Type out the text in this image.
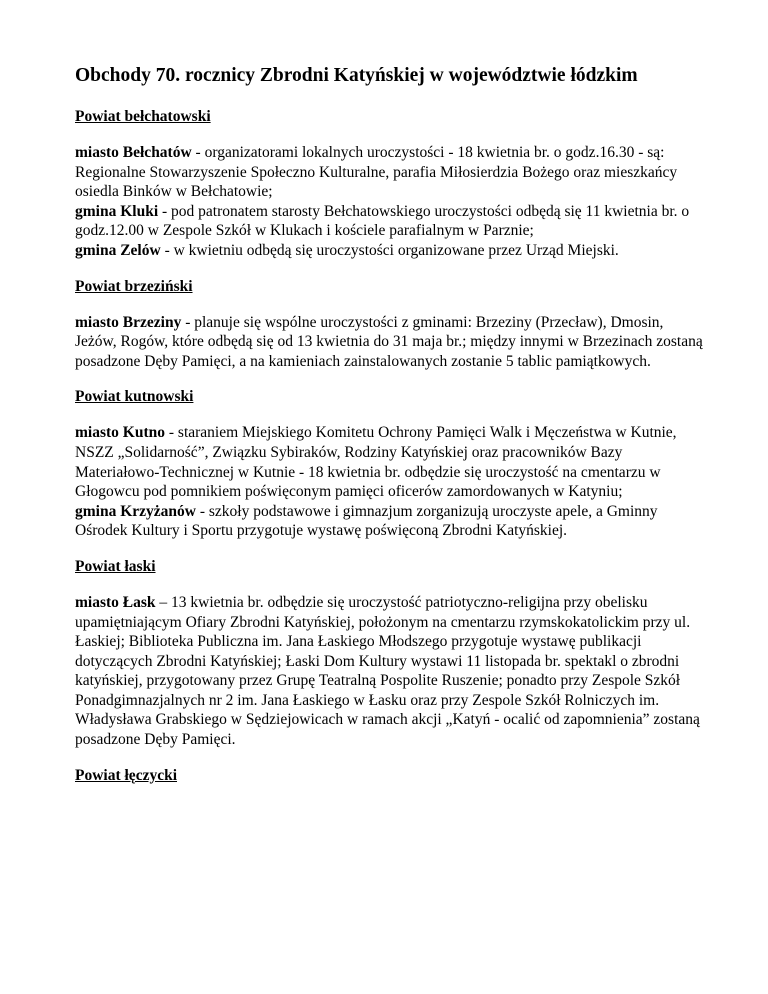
Obchody 70. rocznicy Zbrodni Katyńskiej w województwie łódzkim
Powiat bełchatowski
miasto Bełchatów - organizatorami lokalnych uroczystości - 18 kwietnia br. o godz.16.30 - są: Regionalne Stowarzyszenie Społeczno Kulturalne, parafia Miłosierdzia Bożego oraz mieszkańcy osiedla Binków w Bełchatowie;
gmina Kluki - pod patronatem starosty Bełchatowskiego uroczystości odbędą się 11 kwietnia br. o godz.12.00 w Zespole Szkół w Klukach i kościele parafialnym w Parznie;
gmina Zelów - w kwietniu odbędą się uroczystości organizowane przez Urząd Miejski.
Powiat brzeziński
miasto Brzeziny - planuje się wspólne uroczystości z gminami: Brzeziny (Przecław), Dmosin, Jeżów, Rogów, które odbędą się od 13 kwietnia do 31 maja br.; między innymi w Brzezinach zostaną posadzone Dęby Pamięci, a na kamieniach zainstalowanych zostanie 5 tablic pamiątkowych.
Powiat kutnowski
miasto Kutno - staraniem Miejskiego Komitetu Ochrony Pamięci Walk i Męczeństwa w Kutnie, NSZZ „Solidarność”, Związku Sybiraków, Rodziny Katyńskiej oraz pracowników Bazy Materiałowo-Technicznej w Kutnie - 18 kwietnia br. odbędzie się uroczystość na cmentarzu w Głogowcu pod pomnikiem poświęconym pamięci oficerów zamordowanych w Katyniu;
gmina Krzyżanów - szkoły podstawowe i gimnazjum zorganizują uroczyste apele, a Gminny Ośrodek Kultury i Sportu przygotuje wystawę poświęconą Zbrodni Katyńskiej.
Powiat łaski
miasto Łask – 13 kwietnia br. odbędzie się uroczystość patriotyczno-religijna przy obelisku upamiętniającym Ofiary Zbrodni Katyńskiej, położonym na cmentarzu rzymskokatolickim przy ul. Łaskiej; Biblioteka Publiczna im. Jana Łaskiego Młodszego przygotuje wystawę publikacji dotyczących Zbrodni Katyńskiej; Łaski Dom Kultury wystawi 11 listopada br. spektakl o zbrodni katyńskiej, przygotowany przez Grupę Teatralną Pospolite Ruszenie; ponadto przy Zespole Szkół Ponadgimnazjalnych nr 2 im. Jana Łaskiego w Łasku oraz przy Zespole Szkół Rolniczych im. Władysława Grabskiego w Sędziejowicach w ramach akcji „Katyń - ocalić od zapomnienia” zostaną posadzone Dęby Pamięci.
Powiat łęczycki
